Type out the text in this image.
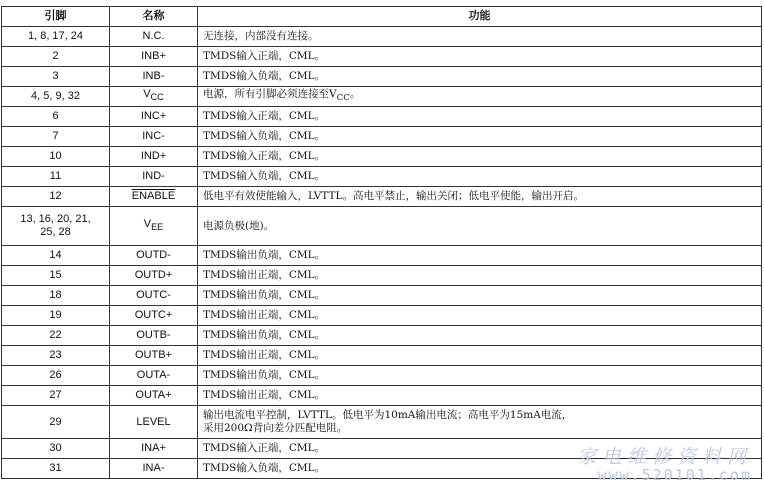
引脚	名称	功能
1, 8, 17, 24	N.C.	无连接，内部没有连接。
2	INB+	TMDS输入正端，CML。
3	INB-	TMDS输入负端，CML。
4, 5, 9, 32	$V_{CC}$	电源，所有引脚必须连接至$V_{CC}$。
6	INC+	TMDS输入正端，CML。
7	INC-	TMDS输入负端，CML。
10	IND+	TMDS输入正端，CML。
11	IND-	TMDS输入负端，CML。
12	ENABLE	低电平有效使能输入，LVTTL。高电平禁止，输出关闭；低电平使能，输出开启。
13, 16, 20, 21,
25, 28	$V_{EE}$	电源负极(地)。
14	OUTD-	TMDS输出负端，CML。
15	OUTD+	TMDS输出正端，CML。
18	OUTC-	TMDS输出负端，CML。
19	OUTC+	TMDS输出正端，CML。
22	OUTB-	TMDS输出负端，CML。
23	OUTB+	TMDS输出正端，CML。
26	OUTA-	TMDS输出负端，CML。
27	OUTA+	TMDS输出正端，CML。
29	LEVEL	输出电流电平控制，LVTTL。低电平为10mA输出电流；高电平为15mA电流，
采用200Ω背向差分匹配电阻。
30	INA+	TMDS输入正端，CML。
31	INA-	TMDS输入负端，CML。	家电维修资料网
www.520101.com
